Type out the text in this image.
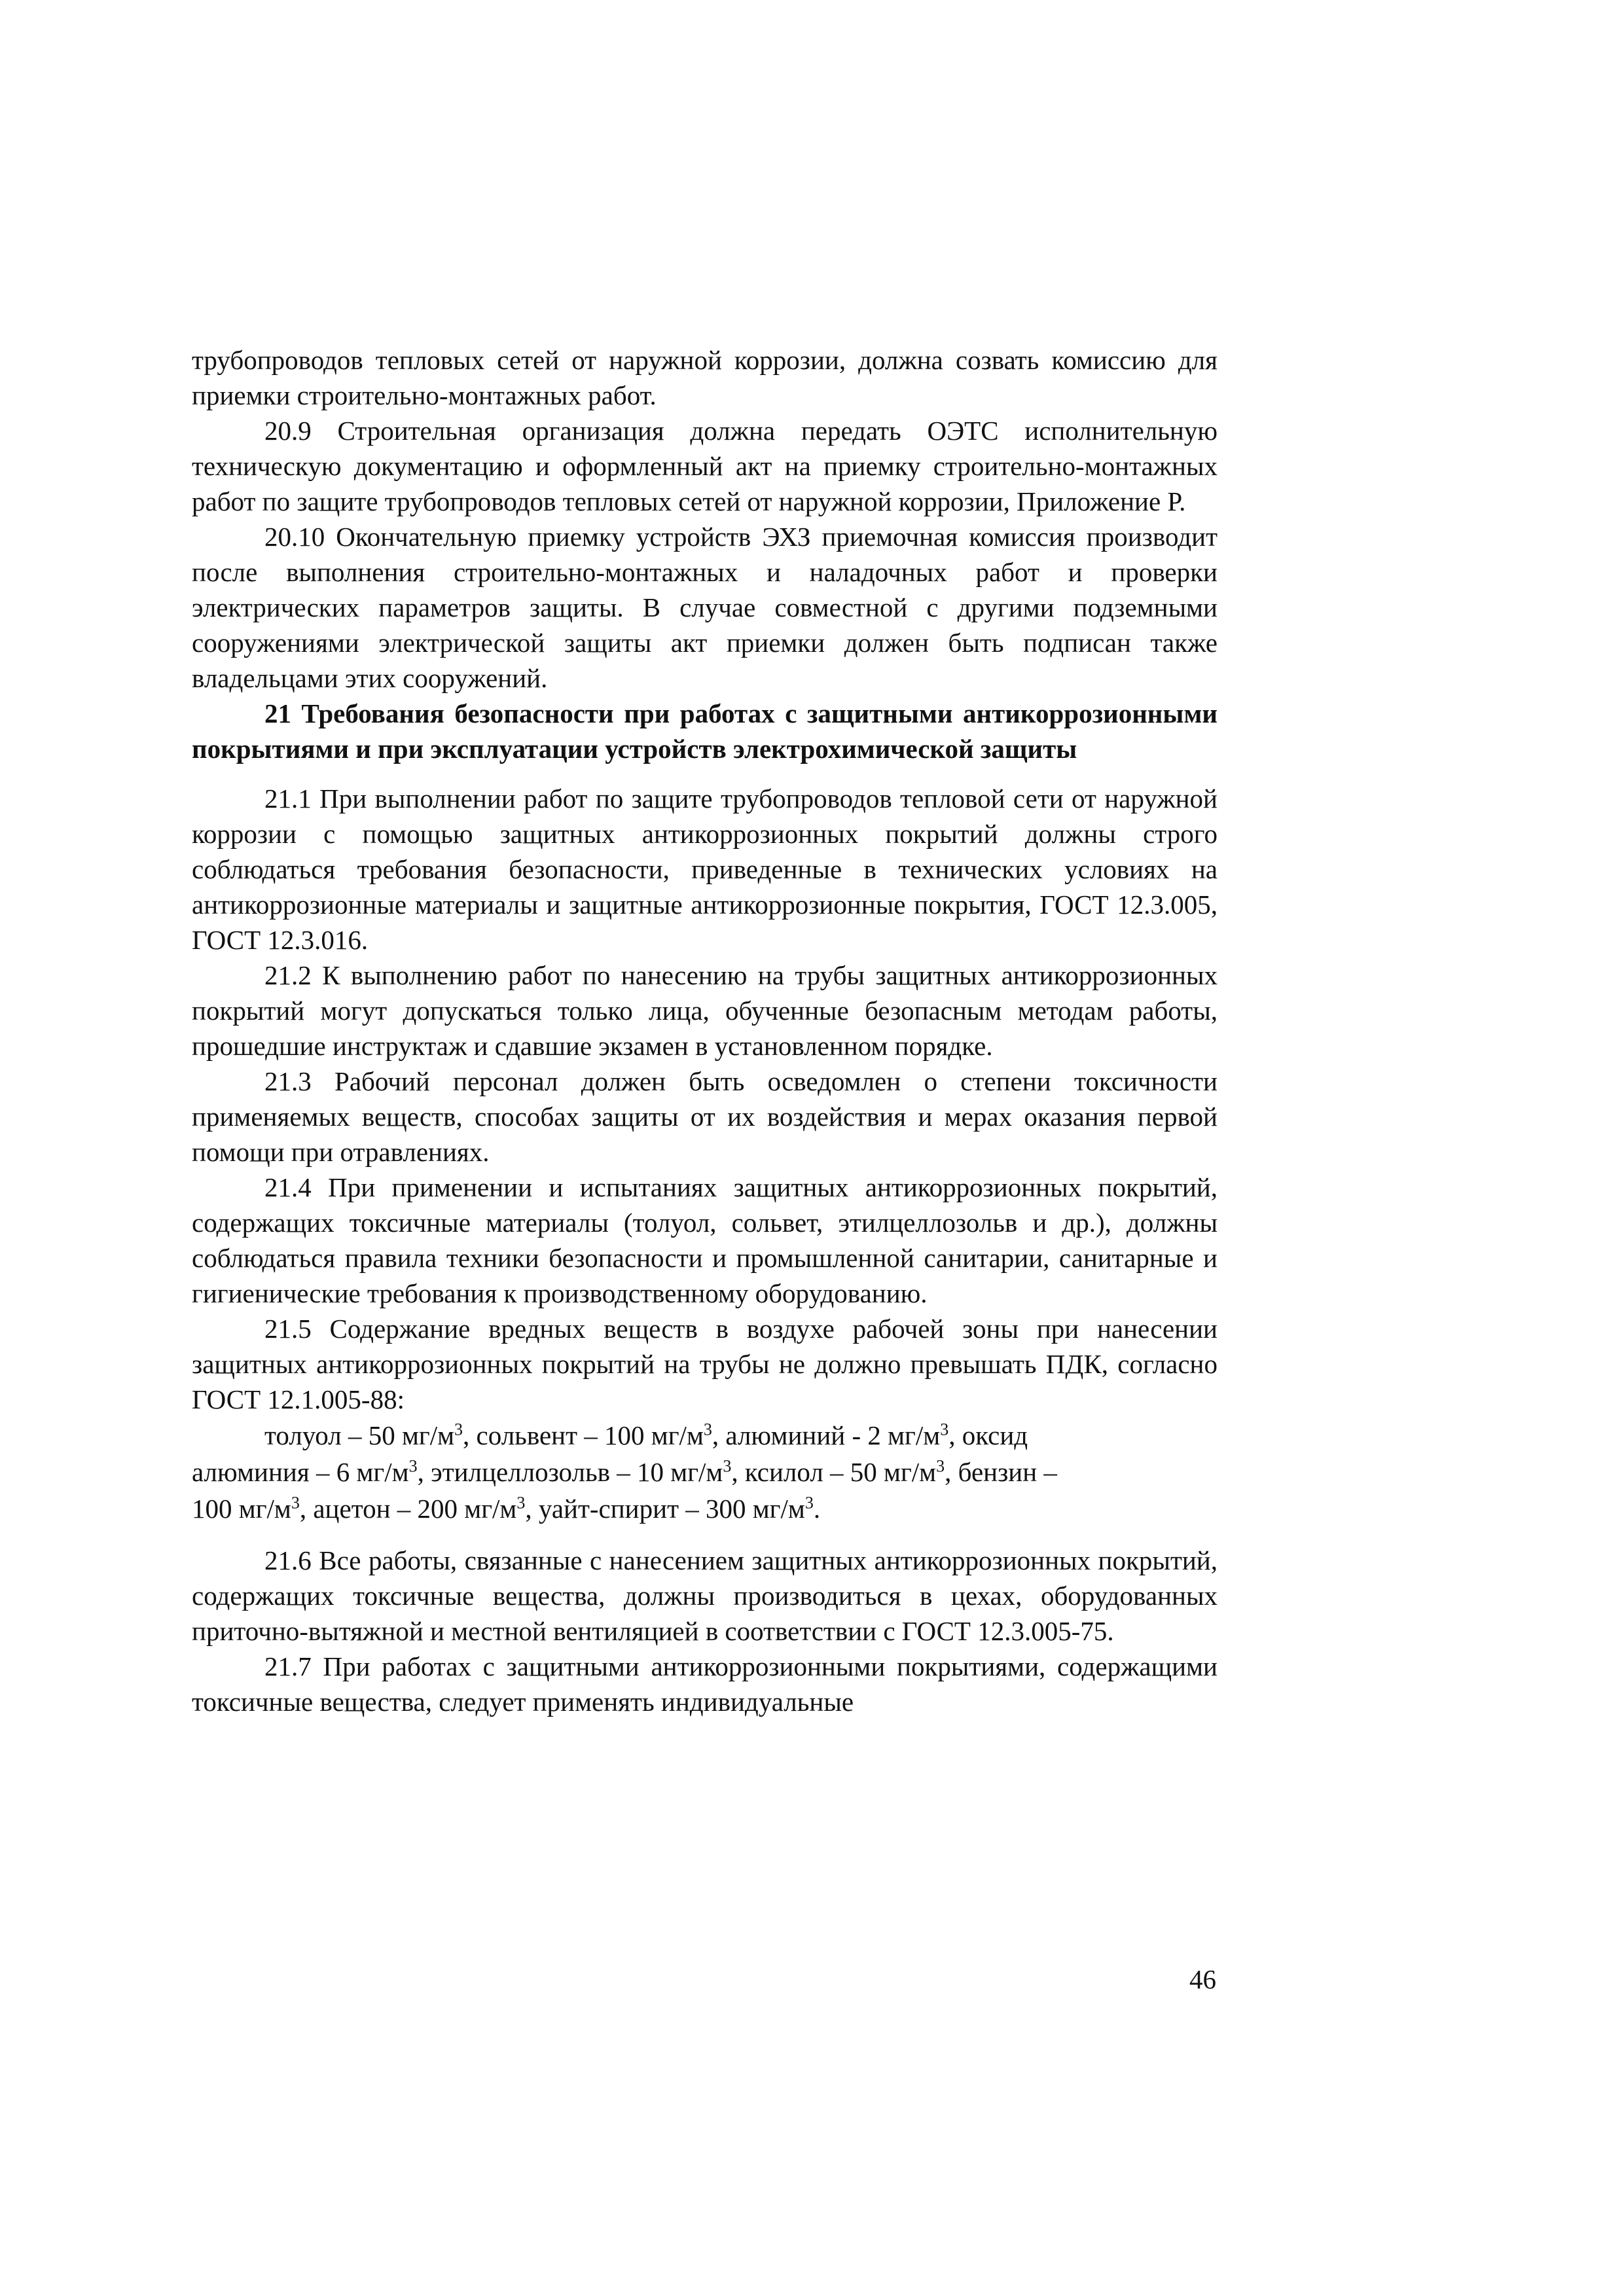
трубопроводов тепловых сетей от наружной коррозии, должна созвать комиссию для приемки строительно-монтажных работ.

20.9 Строительная организация должна передать ОЭТС исполнительную техническую документацию и оформленный акт на приемку строительно-монтажных работ по защите трубопроводов тепловых сетей от наружной коррозии, Приложение Р.

20.10 Окончательную приемку устройств ЭХЗ приемочная комиссия производит после выполнения строительно-монтажных и наладочных работ и проверки электрических параметров защиты. В случае совместной с другими подземными сооружениями электрической защиты акт приемки должен быть подписан также владельцами этих сооружений.

21 Требования безопасности при работах с защитными антикоррозионными покрытиями и при эксплуатации устройств электрохимической защиты

21.1 При выполнении работ по защите трубопроводов тепловой сети от наружной коррозии с помощью защитных антикоррозионных покрытий должны строго соблюдаться требования безопасности, приведенные в технических условиях на антикоррозионные материалы и защитные антикоррозионные покрытия, ГОСТ 12.3.005, ГОСТ 12.3.016.

21.2 К выполнению работ по нанесению на трубы защитных антикоррозионных покрытий могут допускаться только лица, обученные безопасным методам работы, прошедшие инструктаж и сдавшие экзамен в установленном порядке.

21.3 Рабочий персонал должен быть осведомлен о степени токсичности применяемых веществ, способах защиты от их воздействия и мерах оказания первой помощи при отравлениях.

21.4 При применении и испытаниях защитных антикоррозионных покрытий, содержащих токсичные материалы (толуол, сольвет, этилцеллозольв и др.), должны соблюдаться правила техники безопасности и промышленной санитарии, санитарные и гигиенические требования к производственному оборудованию.

21.5 Содержание вредных веществ в воздухе рабочей зоны при нанесении защитных антикоррозионных покрытий на трубы не должно превышать ПДК, согласно ГОСТ 12.1.005-88:

толуол – 50 $мг/м^3$, сольвент – 100 $мг/м^3$, алюминий - 2 $мг/м^3$, оксид

алюминия – 6 $мг/м^3$, этилцеллозольв – 10 $мг/м^3$, ксилол – 50 $мг/м^3$, бензин –

100 $мг/м^3$, ацетон – 200 $мг/м^3$, уайт-спирит – 300 $мг/м^3$.

21.6 Все работы, связанные с нанесением защитных антикоррозионных покрытий, содержащих токсичные вещества, должны производиться в цехах, оборудованных приточно-вытяжной и местной вентиляцией в соответствии с ГОСТ 12.3.005-75.

21.7 При работах с защитными антикоррозионными покрытиями, содержащими токсичные вещества, следует применять индивидуальные

46
